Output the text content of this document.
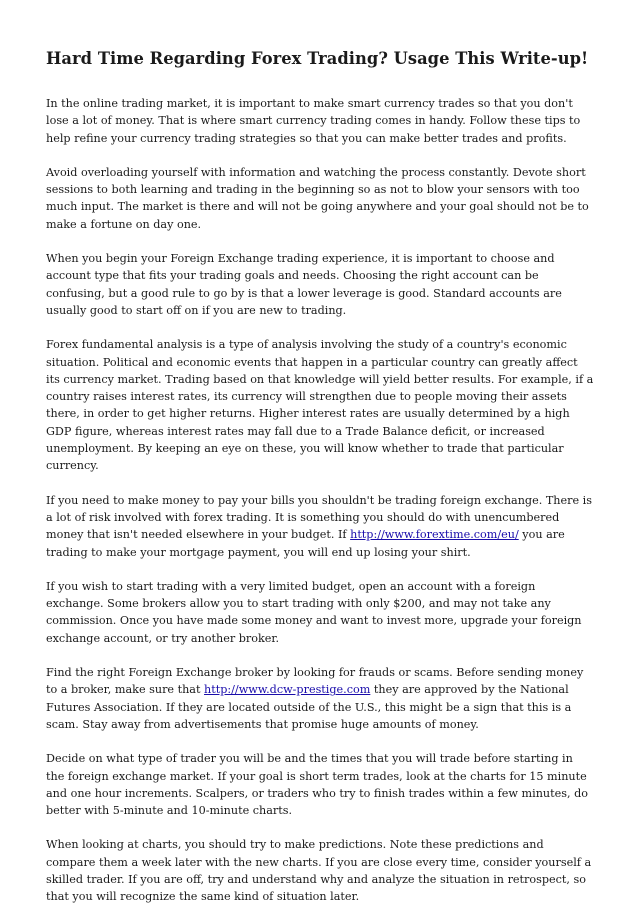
Hard Time Regarding Forex Trading? Usage This Write-up!

In the online trading market, it is important to make smart currency trades so that you don't lose a lot of money. That is where smart currency trading comes in handy. Follow these tips to help refine your currency trading strategies so that you can make better trades and profits.

Avoid overloading yourself with information and watching the process constantly. Devote short sessions to both learning and trading in the beginning so as not to blow your sensors with too much input. The market is there and will not be going anywhere and your goal should not be to make a fortune on day one.

When you begin your Foreign Exchange trading experience, it is important to choose and account type that fits your trading goals and needs. Choosing the right account can be confusing, but a good rule to go by is that a lower leverage is good. Standard accounts are usually good to start off on if you are new to trading.

Forex fundamental analysis is a type of analysis involving the study of a country's economic situation. Political and economic events that happen in a particular country can greatly affect its currency market. Trading based on that knowledge will yield better results. For example, if a country raises interest rates, its currency will strengthen due to people moving their assets there, in order to get higher returns. Higher interest rates are usually determined by a high GDP figure, whereas interest rates may fall due to a Trade Balance deficit, or increased unemployment. By keeping an eye on these, you will know whether to trade that particular currency.

If you need to make money to pay your bills you shouldn't be trading foreign exchange. There is a lot of risk involved with forex trading. It is something you should do with unencumbered money that isn't needed elsewhere in your budget. If http://www.forextime.com/eu/ you are trading to make your mortgage payment, you will end up losing your shirt.

If you wish to start trading with a very limited budget, open an account with a foreign exchange. Some brokers allow you to start trading with only $200, and may not take any commission. Once you have made some money and want to invest more, upgrade your foreign exchange account, or try another broker.

Find the right Foreign Exchange broker by looking for frauds or scams. Before sending money to a broker, make sure that http://www.dcw-prestige.com they are approved by the National Futures Association. If they are located outside of the U.S., this might be a sign that this is a scam. Stay away from advertisements that promise huge amounts of money.

Decide on what type of trader you will be and the times that you will trade before starting in the foreign exchange market. If your goal is short term trades, look at the charts for 15 minute and one hour increments. Scalpers, or traders who try to finish trades within a few minutes, do better with 5-minute and 10-minute charts.

When looking at charts, you should try to make predictions. Note these predictions and compare them a week later with the new charts. If you are close every time, consider yourself a skilled trader. If you are off, try and understand why and analyze the situation in retrospect, so that you will recognize the same kind of situation later.
